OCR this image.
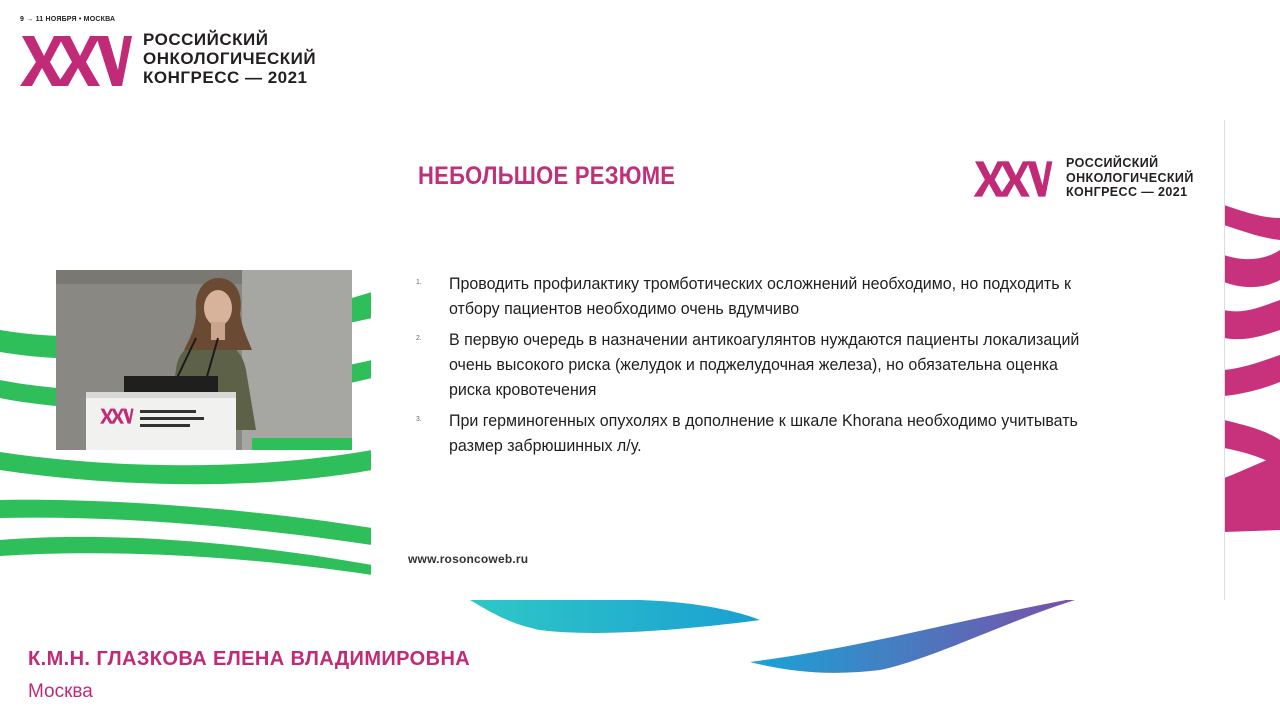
9 → 11 НОЯБРЯ • МОСКВА
РОССИЙСКИЙ
ОНКОЛОГИЧЕСКИЙ
КОНГРЕСС — 2021
НЕБОЛЬШОЕ РЕЗЮМЕ	РОССИЙСКИЙ
ОНКОЛОГИЧЕСКИЙ
КОНГРЕСС — 2021
1. Проводить профилактику тромботических осложнений необходимо, но подходить к отбору пациентов необходимо очень вдумчиво
2. В первую очередь в назначении антикоагулянтов нуждаются пациенты локализаций очень высокого риска (желудок и поджелудочная железа), но обязательна оценка риска кровотечения
3. При герминогенных опухолях в дополнение к шкале Khorana необходимо учитывать размер забрюшинных л/у.
www.rosoncoweb.ru
К.М.Н. ГЛАЗКОВА ЕЛЕНА ВЛАДИМИРОВНА
Москва
